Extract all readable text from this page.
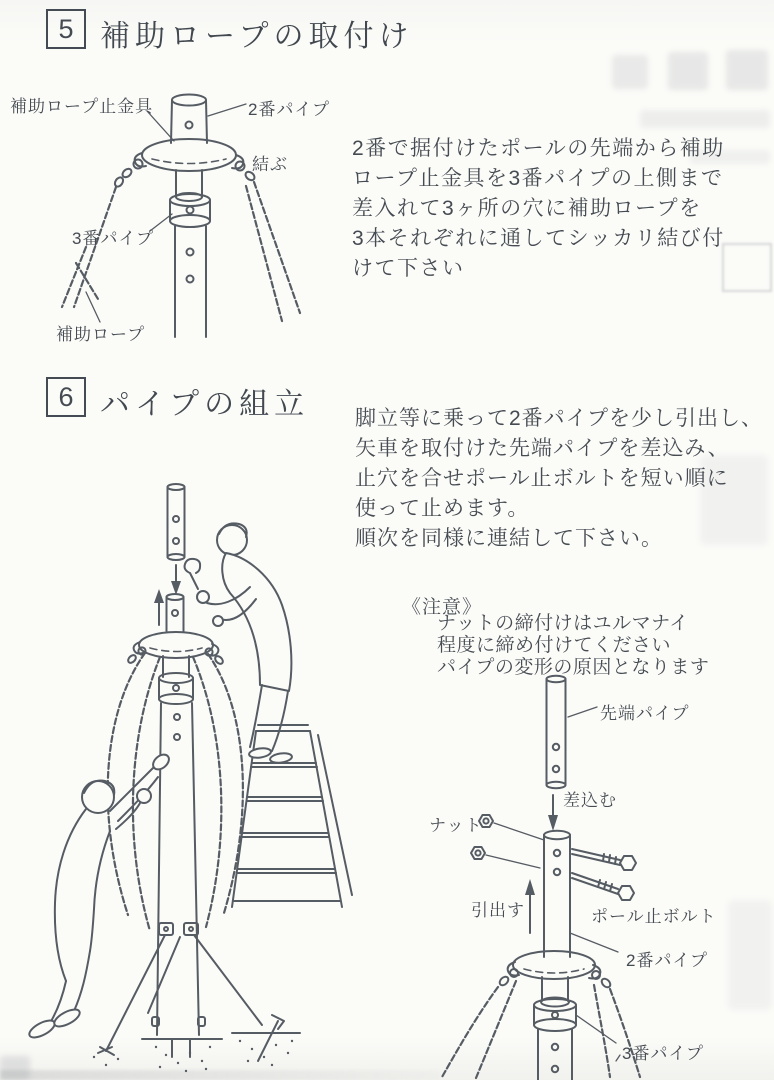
5 補助ロープの取付け
2番で据付けたポールの先端から補助
ロープ止金具を3番パイプの上側まで
差入れて3ヶ所の穴に補助ロープを
3本それぞれに通してシッカリ結び付
けて下さい
補助ロープ止金具	2番パイプ
結ぶ
3番パイプ
補助ロープ
6 パイプの組立 脚立等に乗って2番パイプを少し引出し、
矢車を取付けた先端パイプを差込み、
止穴を合せポール止ボルトを短い順に
使って止めます。
順次を同様に連結して下さい。
《注意》
ナットの締付けはユルマナイ
程度に締め付けてください
パイプの変形の原因となります
先端パイプ
差込む
ナット
引出す	ポール止ボルト
2番パイプ
3番パイプ
